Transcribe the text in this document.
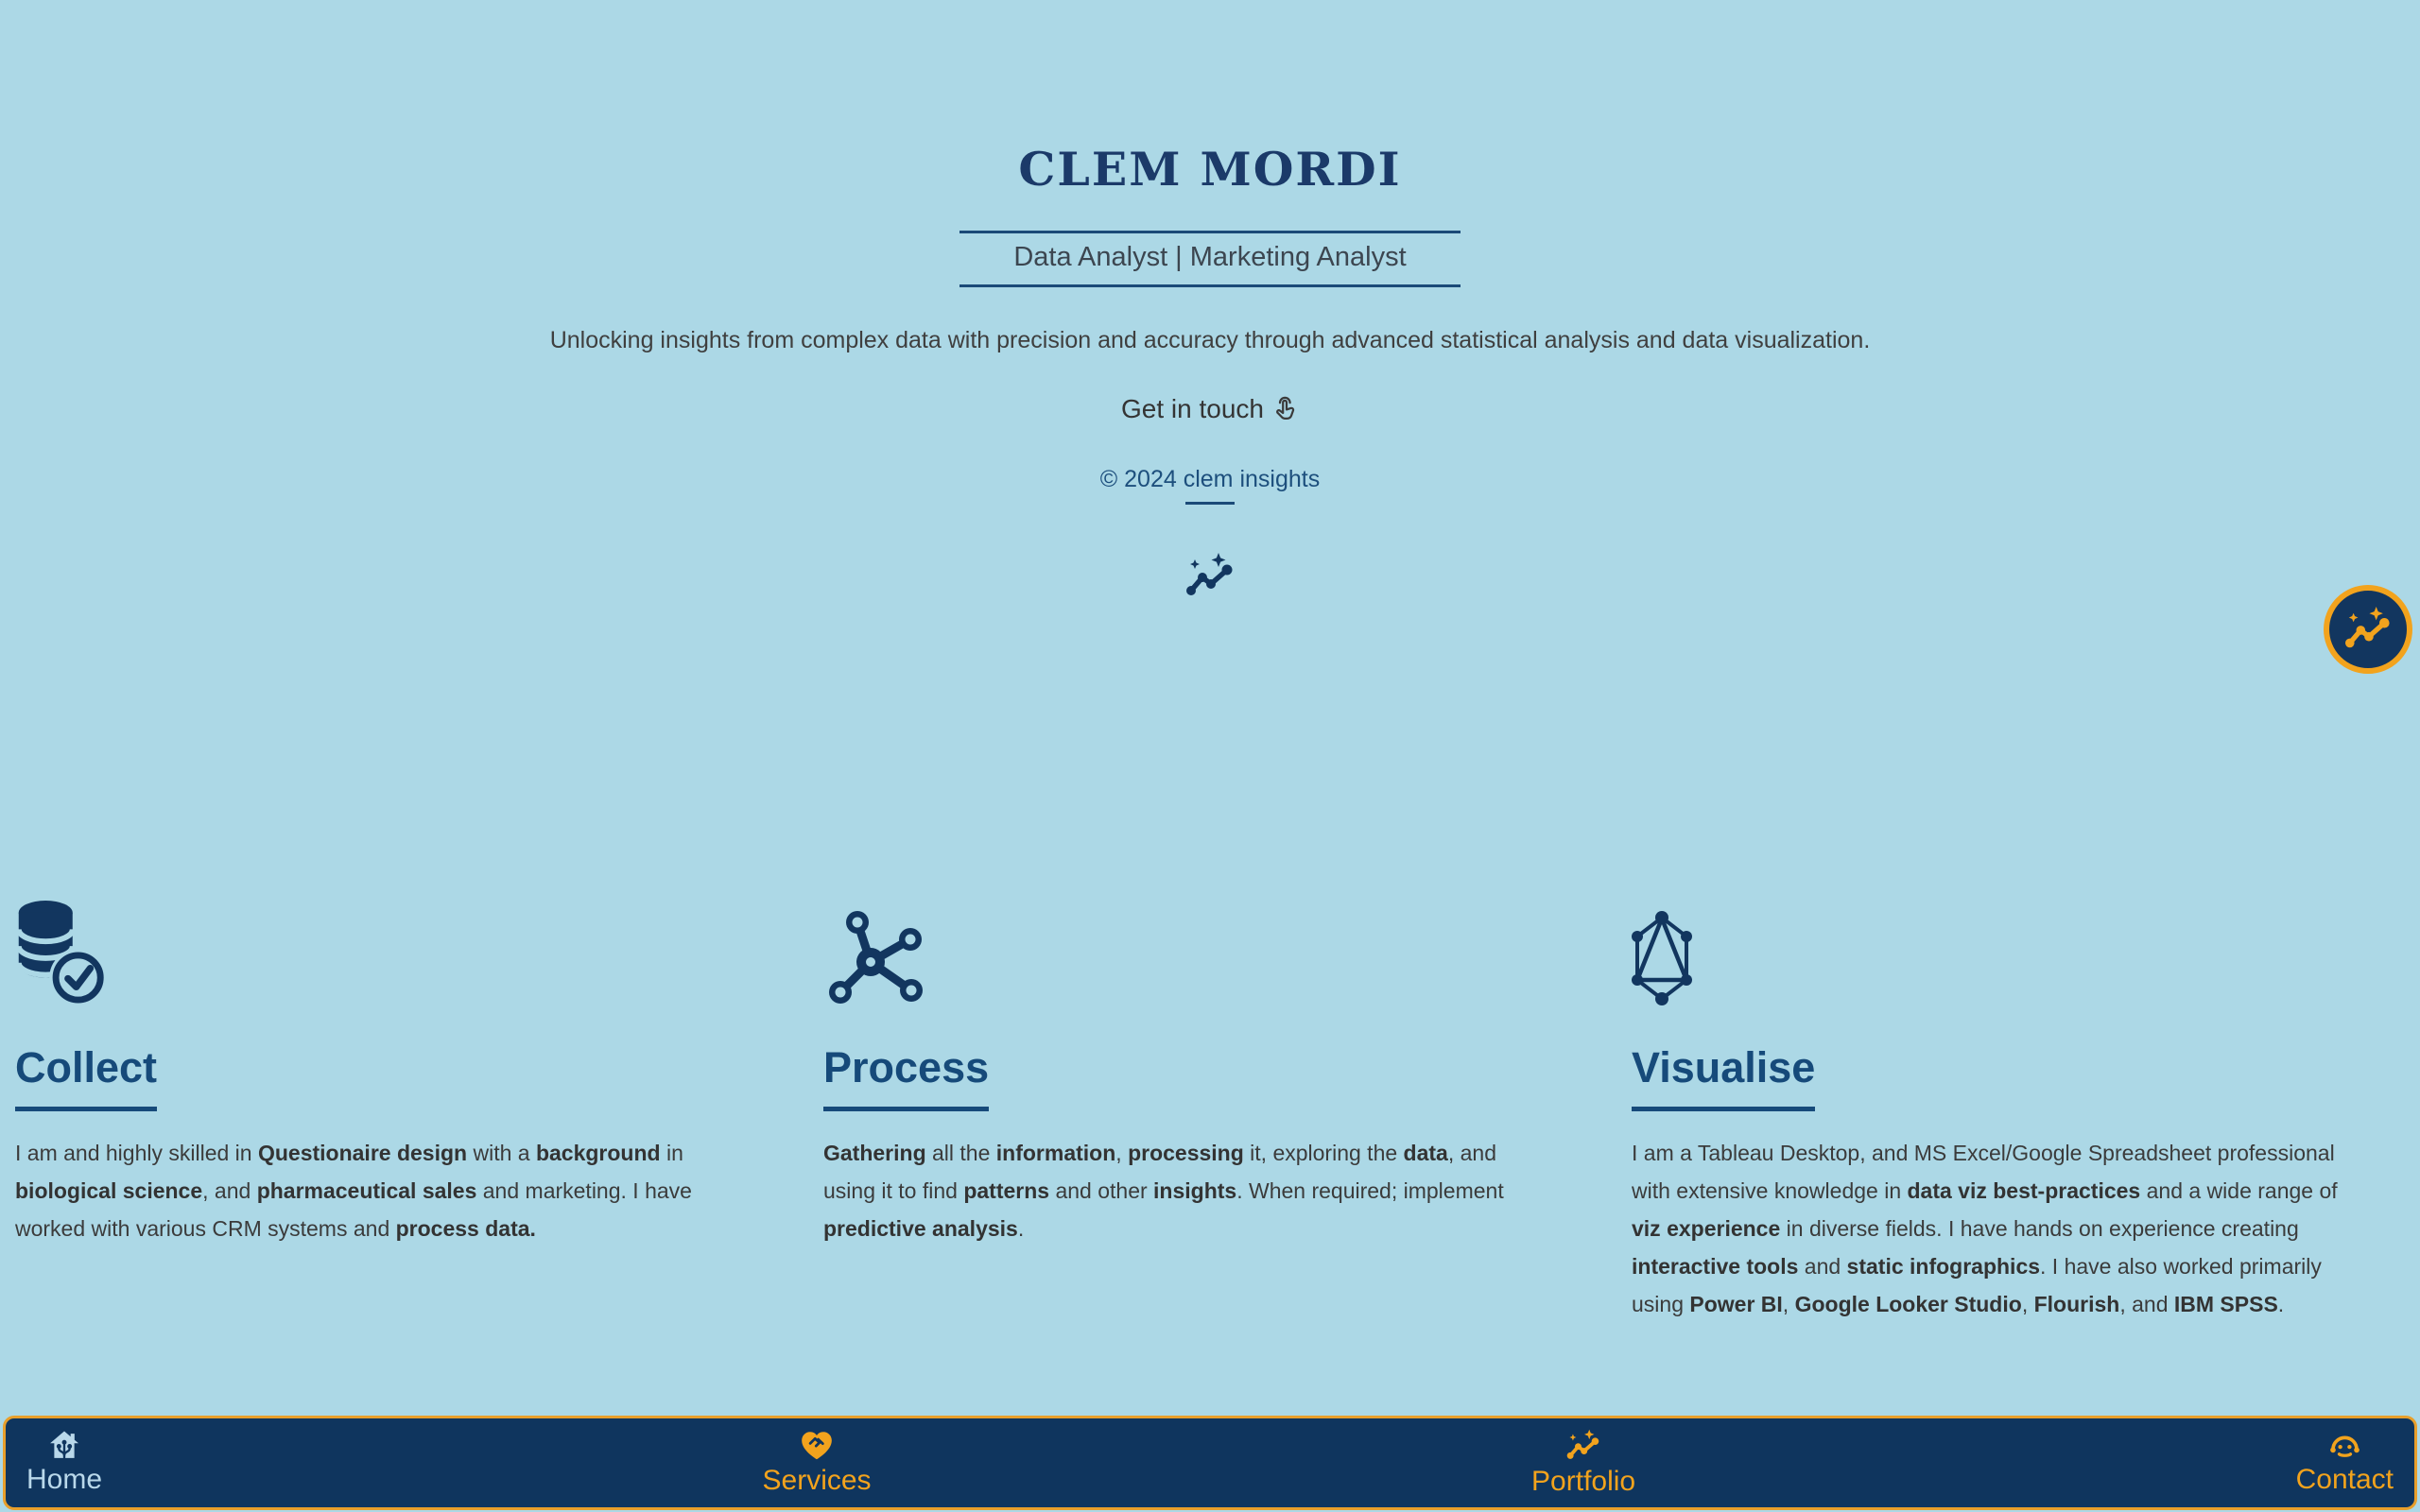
CLEM MORDI
Data Analyst | Marketing Analyst

Unlocking insights from complex data with precision and accuracy through advanced statistical analysis and data visualization.

Get in touch

© 2024 clem insights

Collect

I am and highly skilled in Questionaire design with a background in biological science, and pharmaceutical sales and marketing. I have worked with various CRM systems and process data.

Process

Gathering all the information, processing it, exploring the data, and using it to find patterns and other insights. When required; implement predictive analysis.

Visualise

I am a Tableau Desktop, and MS Excel/Google Spreadsheet professional with extensive knowledge in data viz best-practices and a wide range of viz experience in diverse fields. I have hands on experience creating interactive tools and static infographics. I have also worked primarily using Power BI, Google Looker Studio, Flourish, and IBM SPSS.

Home	Services	Portfolio	Contact
